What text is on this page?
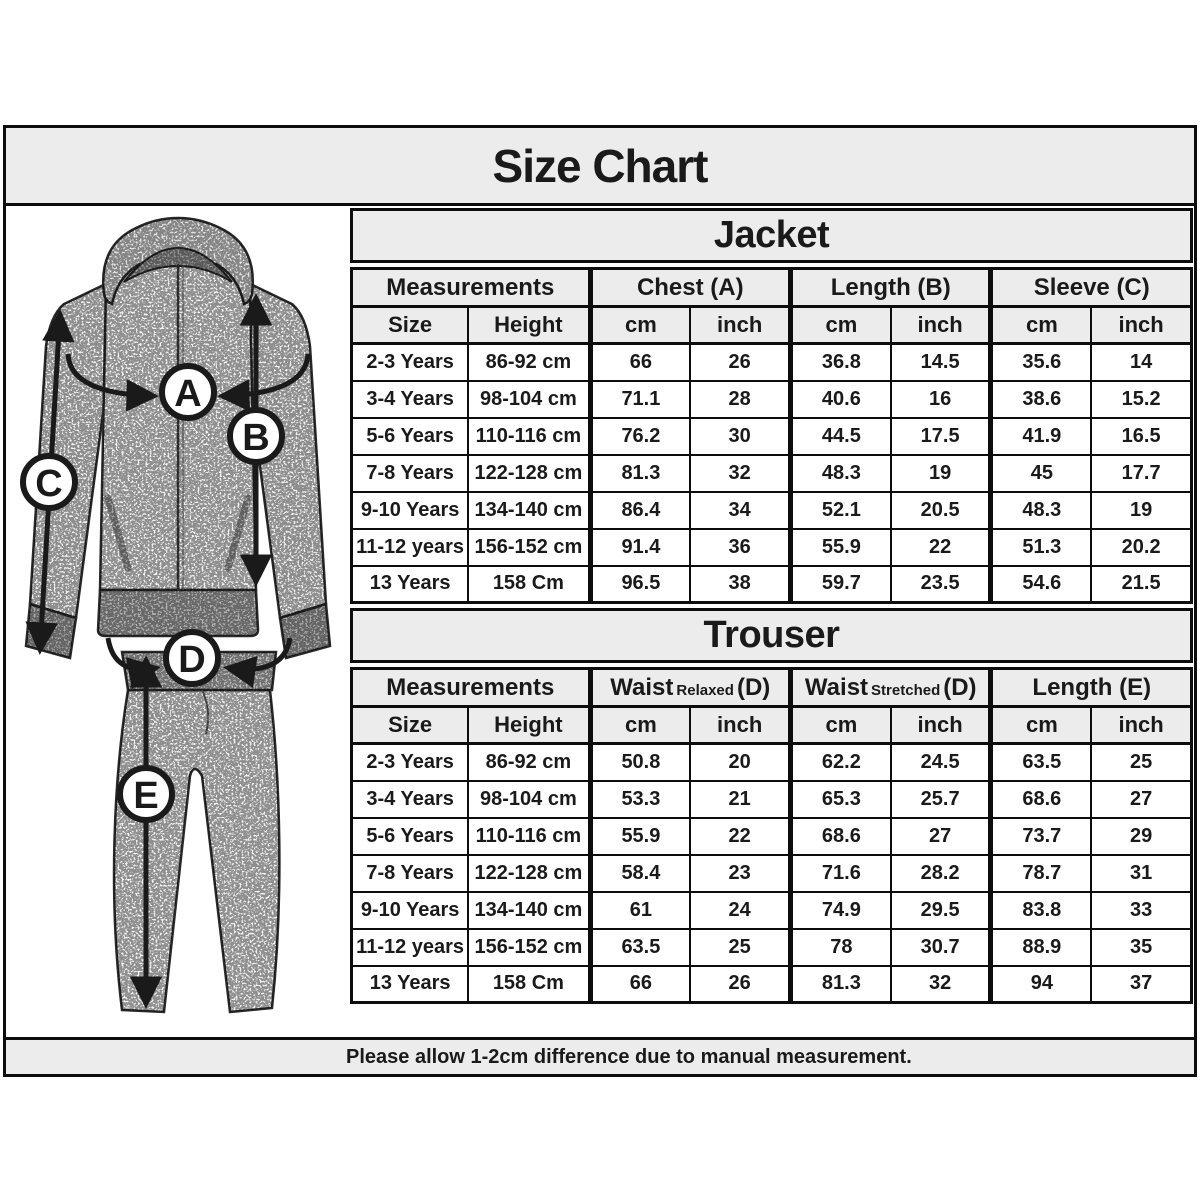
Size Chart
A
B
C
D
E
Jacket
Measurements		Chest (A)		Length (B)		Sleeve (C)	
Size	Height	cm	inch	cm	inch	cm	inch
2-3 Years	86-92 cm	66	26	36.8	14.5	35.6	14
3-4 Years	98-104 cm	71.1	28	40.6	16	38.6	15.2
5-6 Years	110-116 cm	76.2	30	44.5	17.5	41.9	16.5
7-8 Years	122-128 cm	81.3	32	48.3	19	45	17.7
9-10 Years	134-140 cm	86.4	34	52.1	20.5	48.3	19
11-12 years	156-152 cm	91.4	36	55.9	22	51.3	20.2
13 Years	158 Cm	96.5	38	59.7	23.5	54.6	21.5
Trouser
Measurements		Waist Relaxed (D)		Waist Stretched (D)		Length (E)	
Size	Height	cm	inch	cm	inch	cm	inch
2-3 Years	86-92 cm	50.8	20	62.2	24.5	63.5	25
3-4 Years	98-104 cm	53.3	21	65.3	25.7	68.6	27
5-6 Years	110-116 cm	55.9	22	68.6	27	73.7	29
7-8 Years	122-128 cm	58.4	23	71.6	28.2	78.7	31
9-10 Years	134-140 cm	61	24	74.9	29.5	83.8	33
11-12 years	156-152 cm	63.5	25	78	30.7	88.9	35
13 Years	158 Cm	66	26	81.3	32	94	37
Please allow 1-2cm difference due to manual measurement.
